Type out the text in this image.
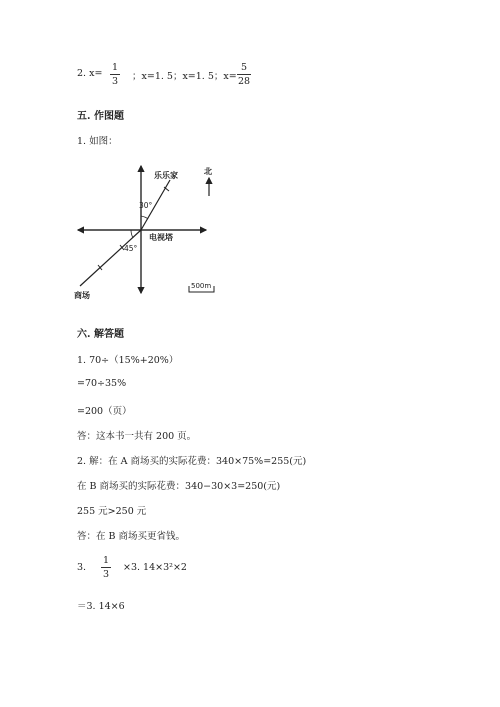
2. x=
1
3 ；x=1. 5；x=1. 5；x=
5
28
五. 作图题
1. 如图：
乐乐家	北
30°
电视塔
45°
商场
500m
六. 解答题
1. 70÷（15%+20%）
=70÷35%
=200（页）
答：这本书一共有 200 页。
2. 解：在 A 商场买的实际花费：340×75%=255(元)
在 B 商场买的实际花费：340−30×3=250(元)
255 元>250 元
答：在 B 商场买更省钱。
3.
1
3
×3. 14×3²×2
＝3. 14×6
